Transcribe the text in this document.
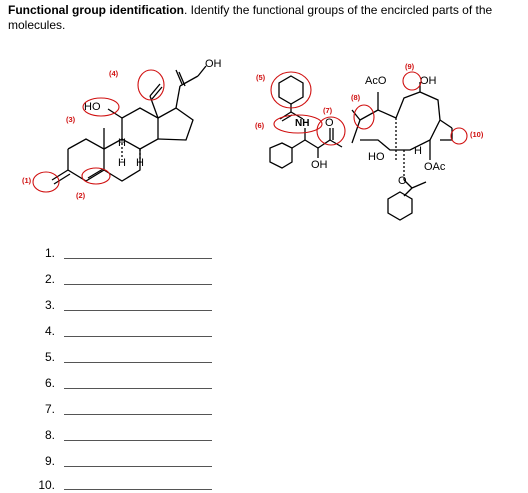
Functional group identification. Identify the functional groups of the encircled parts of the molecules.
OH
HO
H
H H
AcO	OH
NH O
OH
HO	H
OAc
O
(1)
(2)
(3)
(4)	(5)
(6)
(7)
(8)
(9)
(10)
1.
2.
3.
4.
5.
6.
7.
8.
9.
10.
